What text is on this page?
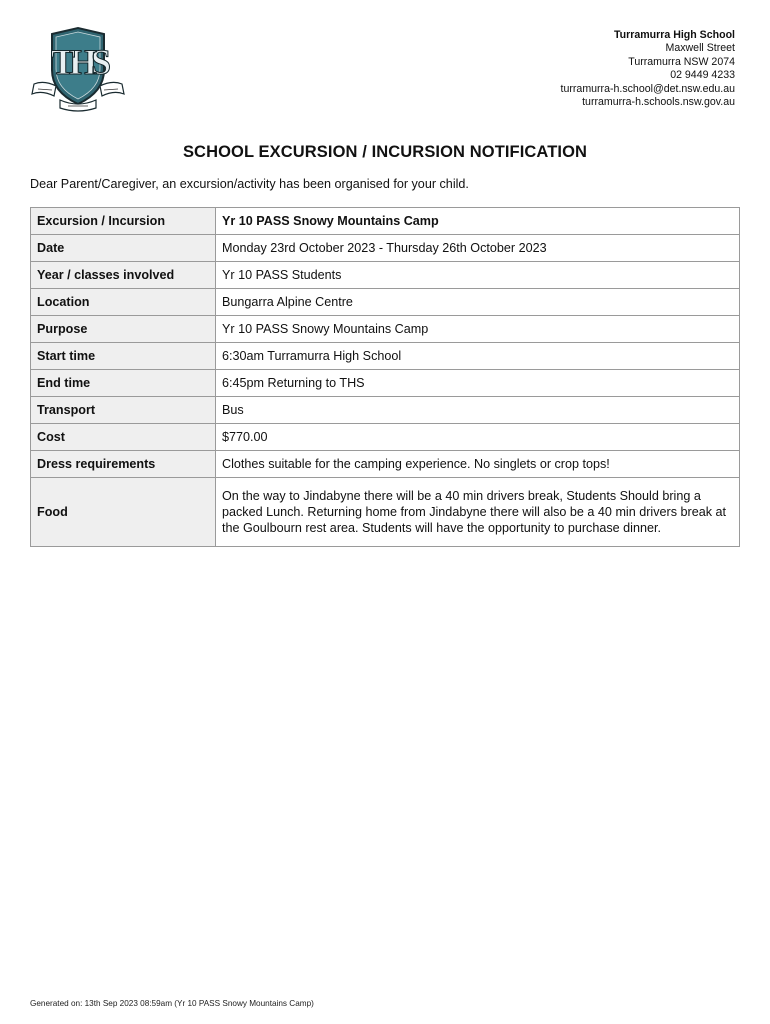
THS
Turramurra High School
Maxwell Street
Turramurra NSW 2074
02 9449 4233
turramurra-h.school@det.nsw.edu.au
turramurra-h.schools.nsw.gov.au
SCHOOL EXCURSION / INCURSION NOTIFICATION
Dear Parent/Caregiver, an excursion/activity has been organised for your child.
Excursion / Incursion	Yr 10 PASS Snowy Mountains Camp
Date	Monday 23rd October 2023 - Thursday 26th October 2023
Year / classes involved	Yr 10 PASS Students
Location	Bungarra Alpine Centre
Purpose	Yr 10 PASS Snowy Mountains Camp
Start time	6:30am Turramurra High School
End time	6:45pm Returning to THS
Transport	Bus
Cost	$770.00
Dress requirements	Clothes suitable for the camping experience. No singlets or crop tops!
Food	On the way to Jindabyne there will be a 40 min drivers break, Students Should bring a packed Lunch. Returning home from Jindabyne there will also be a 40 min drivers break at the Goulbourn rest area. Students will have the opportunity to purchase dinner.
Generated on: 13th Sep 2023 08:59am (Yr 10 PASS Snowy Mountains Camp)
